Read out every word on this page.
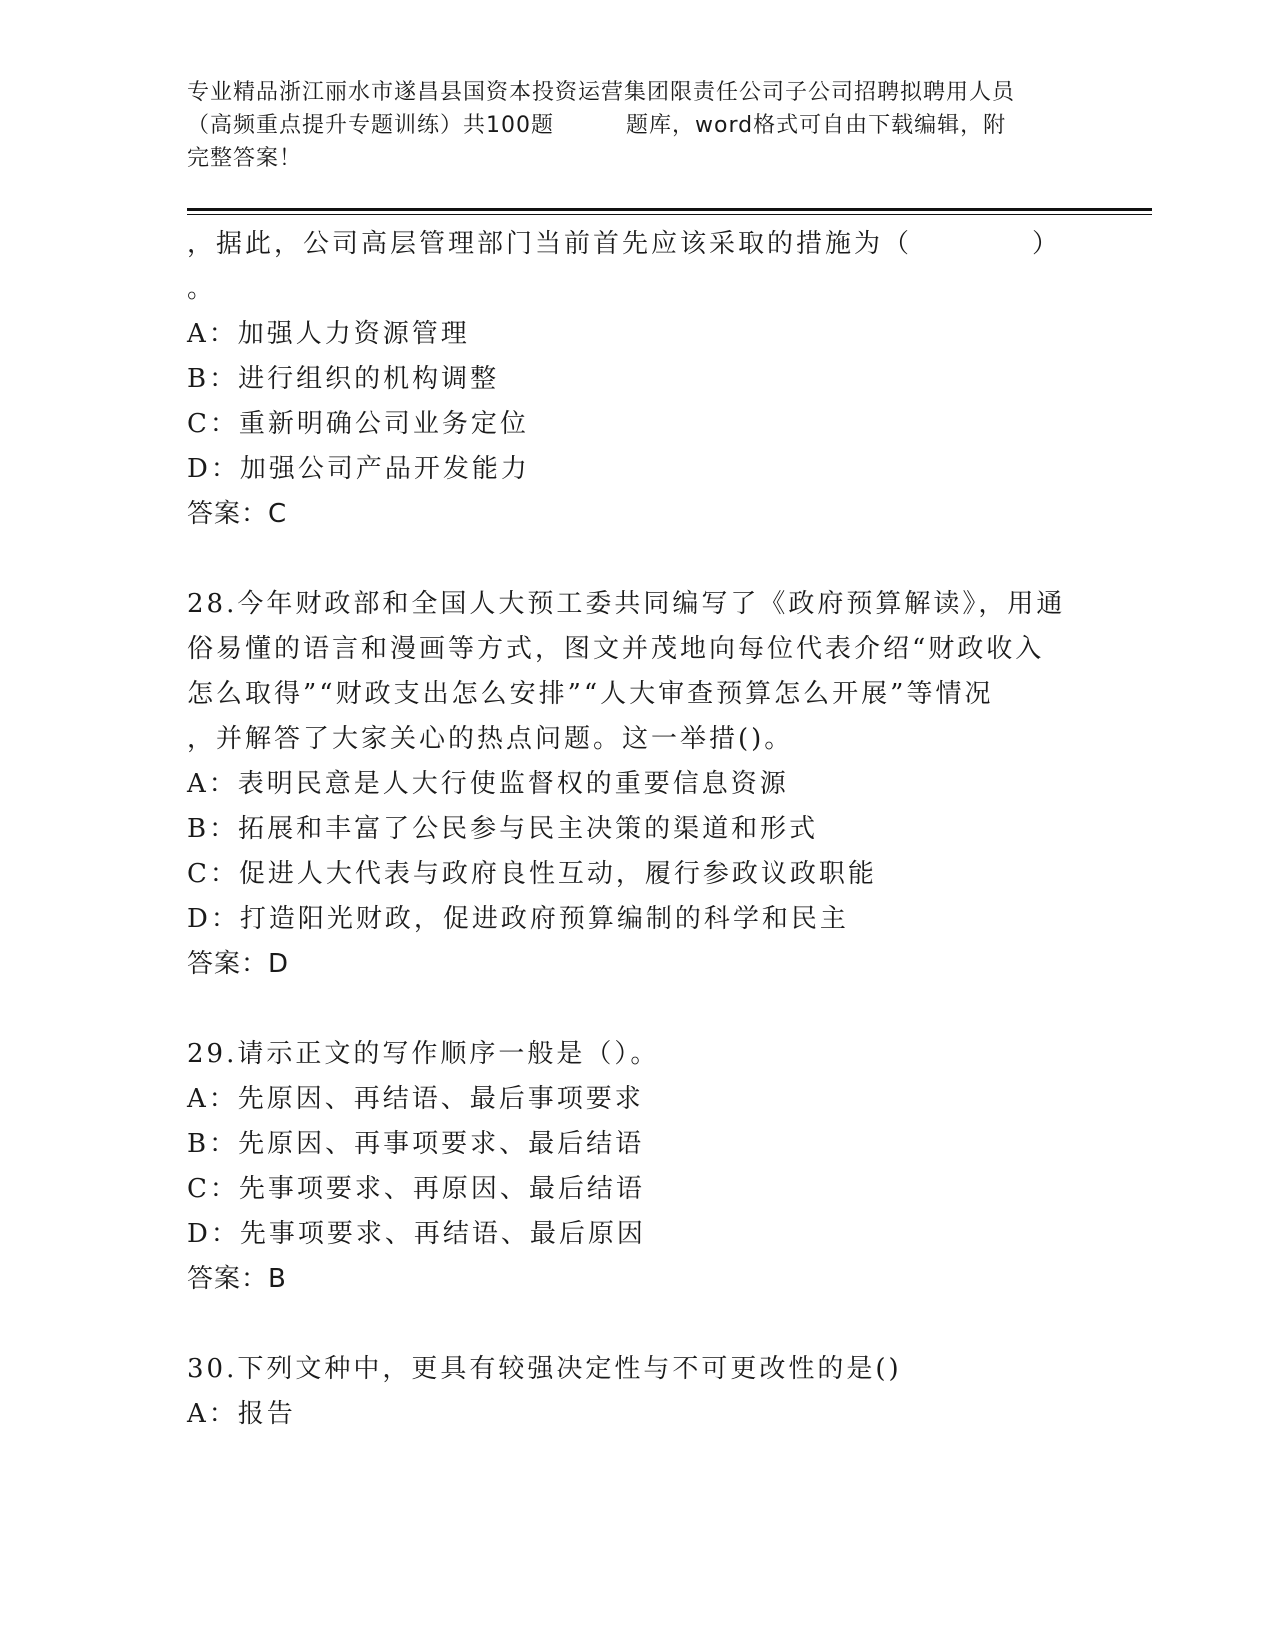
专业精品浙江丽水市遂昌县国资本投资运营集团限责任公司子公司招聘拟聘用人员
（高频重点提升专题训练）共100题	题库，word格式可自由下载编辑，附
完整答案！
，据此，公司高层管理部门当前首先应该采取的措施为（	）
。
A：加强人力资源管理
B：进行组织的机构调整
C：重新明确公司业务定位
D：加强公司产品开发能力
答案：C
28.今年财政部和全国人大预工委共同编写了《政府预算解读》，用通
俗易懂的语言和漫画等方式，图文并茂地向每位代表介绍“财政收入
怎么取得”“财政支出怎么安排”“人大审查预算怎么开展”等情况
，并解答了大家关心的热点问题。这一举措()。
A：表明民意是人大行使监督权的重要信息资源
B：拓展和丰富了公民参与民主决策的渠道和形式
C：促进人大代表与政府良性互动，履行参政议政职能
D：打造阳光财政，促进政府预算编制的科学和民主
答案：D
29.请示正文的写作顺序一般是（）。
A：先原因、再结语、最后事项要求
B：先原因、再事项要求、最后结语
C：先事项要求、再原因、最后结语
D：先事项要求、再结语、最后原因
答案：B
30.下列文种中，更具有较强决定性与不可更改性的是()
A：报告
